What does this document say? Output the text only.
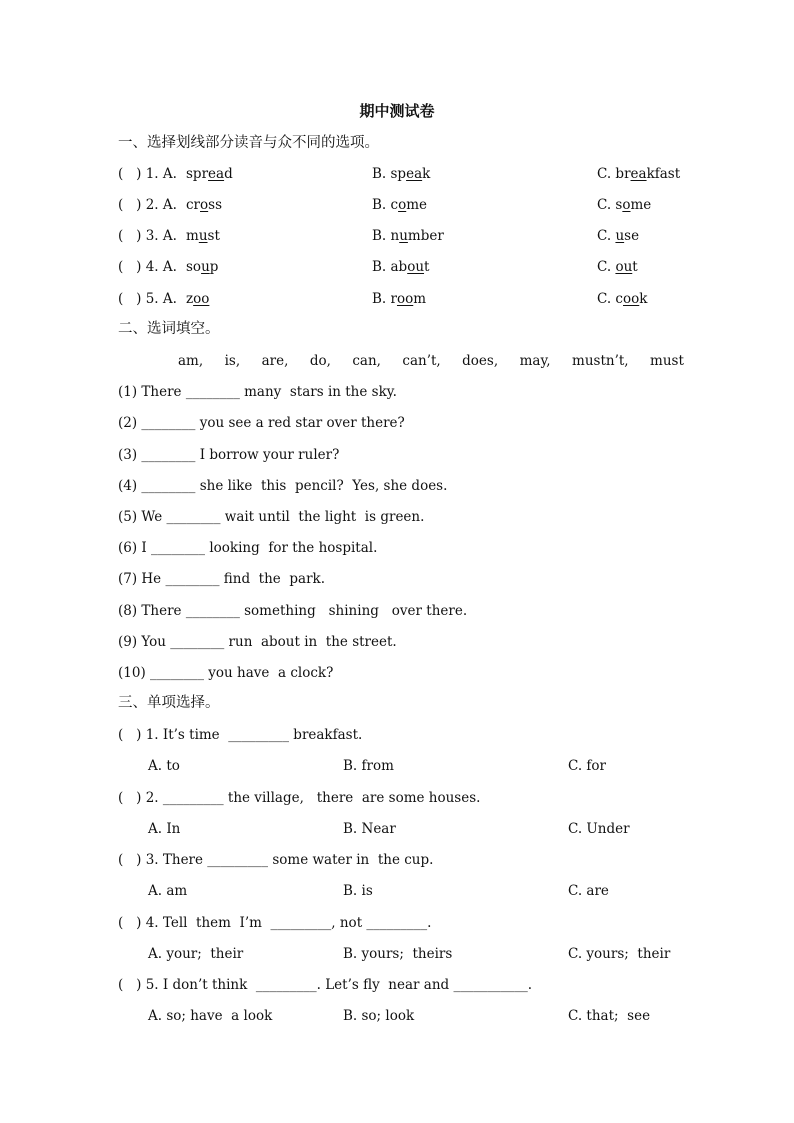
期中测试卷
一、选择划线部分读音与众不同的选项。
(   ) 1. A. spread	B. speak	C. breakfast
(   ) 2. A. cross	B. come	C. some
(   ) 3. A. must	B. number	C. use
(   ) 4. A. soup	B. about	C. out
(   ) 5. A. zoo	B. room	C. cook
二、选词填空。
am,     is,     are,     do,     can,     can’t,     does,     may,     mustn’t,     must
(1) There ________ many  stars in the sky.
(2) ________ you see a red star over there?
(3) ________ I borrow your ruler?
(4) ________ she like  this  pencil?  Yes, she does.
(5) We ________ wait until  the light  is green.
(6) I ________ looking  for the hospital.
(7) He ________ find  the  park.
(8) There ________ something   shining   over there.
(9) You ________ run  about in  the street.
(10) ________ you have  a clock?
三、单项选择。
(   ) 1. It’s time  _________ breakfast.
A. to	B. from	C. for
(   ) 2. _________ the village,   there  are some houses.
A. In	B. Near	C. Under
(   ) 3. There _________ some water in  the cup.
A. am	B. is	C. are
(   ) 4. Tell  them  I’m  _________, not _________.
A. your;  their	B. yours;  theirs	C. yours;  their
(   ) 5. I don’t think  _________. Let’s fly  near and ___________.
A. so; have  a look	B. so; look	C. that;  see
